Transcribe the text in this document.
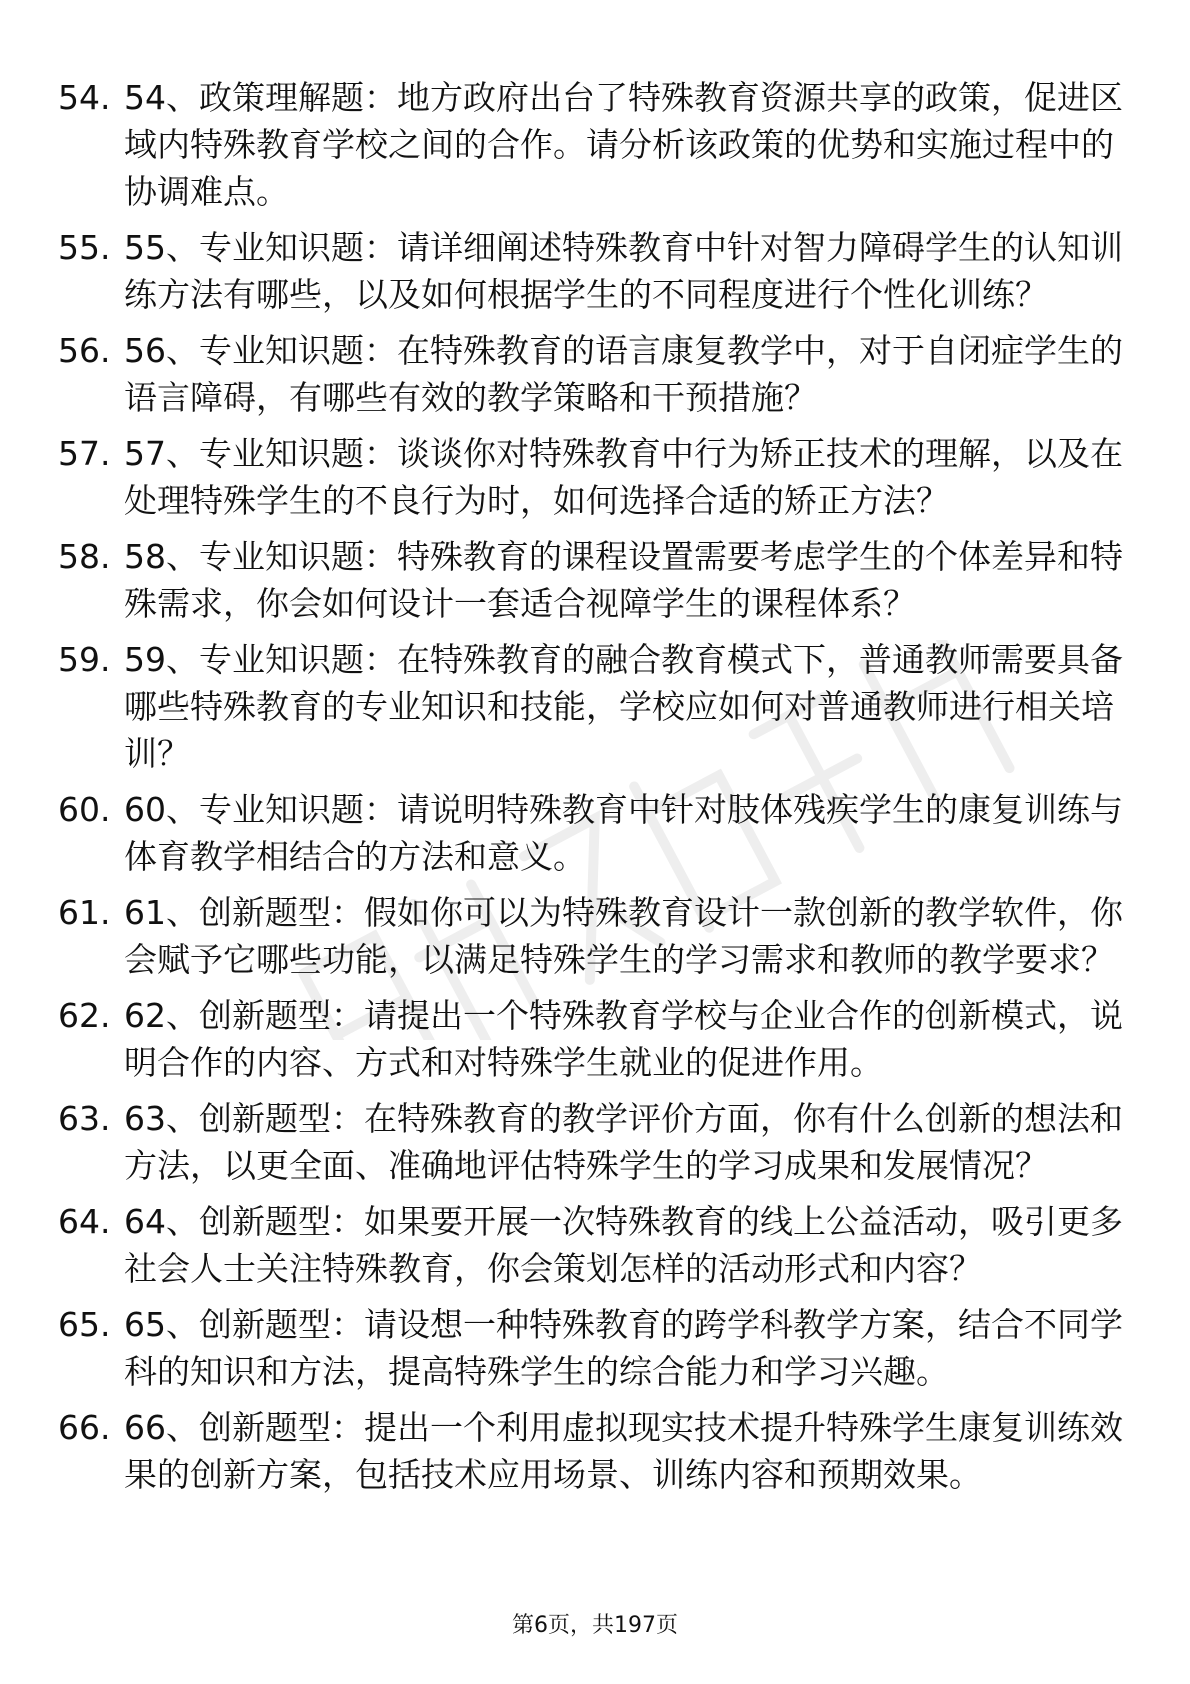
54. 54、政策理解题：地方政府出台了特殊教育资源共享的政策，促进区域内特殊教育学校之间的合作。请分析该政策的优势和实施过程中的协调难点。
55. 55、专业知识题：请详细阐述特殊教育中针对智力障碍学生的认知训练方法有哪些，以及如何根据学生的不同程度进行个性化训练？
56. 56、专业知识题：在特殊教育的语言康复教学中，对于自闭症学生的语言障碍，有哪些有效的教学策略和干预措施？
57. 57、专业知识题：谈谈你对特殊教育中行为矫正技术的理解，以及在处理特殊学生的不良行为时，如何选择合适的矫正方法？
58. 58、专业知识题：特殊教育的课程设置需要考虑学生的个体差异和特殊需求，你会如何设计一套适合视障学生的课程体系？
59. 59、专业知识题：在特殊教育的融合教育模式下，普通教师需要具备哪些特殊教育的专业知识和技能，学校应如何对普通教师进行相关培训？
60. 60、专业知识题：请说明特殊教育中针对肢体残疾学生的康复训练与体育教学相结合的方法和意义。
61. 61、创新题型：假如你可以为特殊教育设计一款创新的教学软件，你会赋予它哪些功能，以满足特殊学生的学习需求和教师的教学要求？
62. 62、创新题型：请提出一个特殊教育学校与企业合作的创新模式，说明合作的内容、方式和对特殊学生就业的促进作用。
63. 63、创新题型：在特殊教育的教学评价方面，你有什么创新的想法和方法，以更全面、准确地评估特殊学生的学习成果和发展情况？
64. 64、创新题型：如果要开展一次特殊教育的线上公益活动，吸引更多社会人士关注特殊教育，你会策划怎样的活动形式和内容？
65. 65、创新题型：请设想一种特殊教育的跨学科教学方案，结合不同学科的知识和方法，提高特殊学生的综合能力和学习兴趣。
66. 66、创新题型：提出一个利用虚拟现实技术提升特殊学生康复训练效果的创新方案，包括技术应用场景、训练内容和预期效果。
第6页，共197页
